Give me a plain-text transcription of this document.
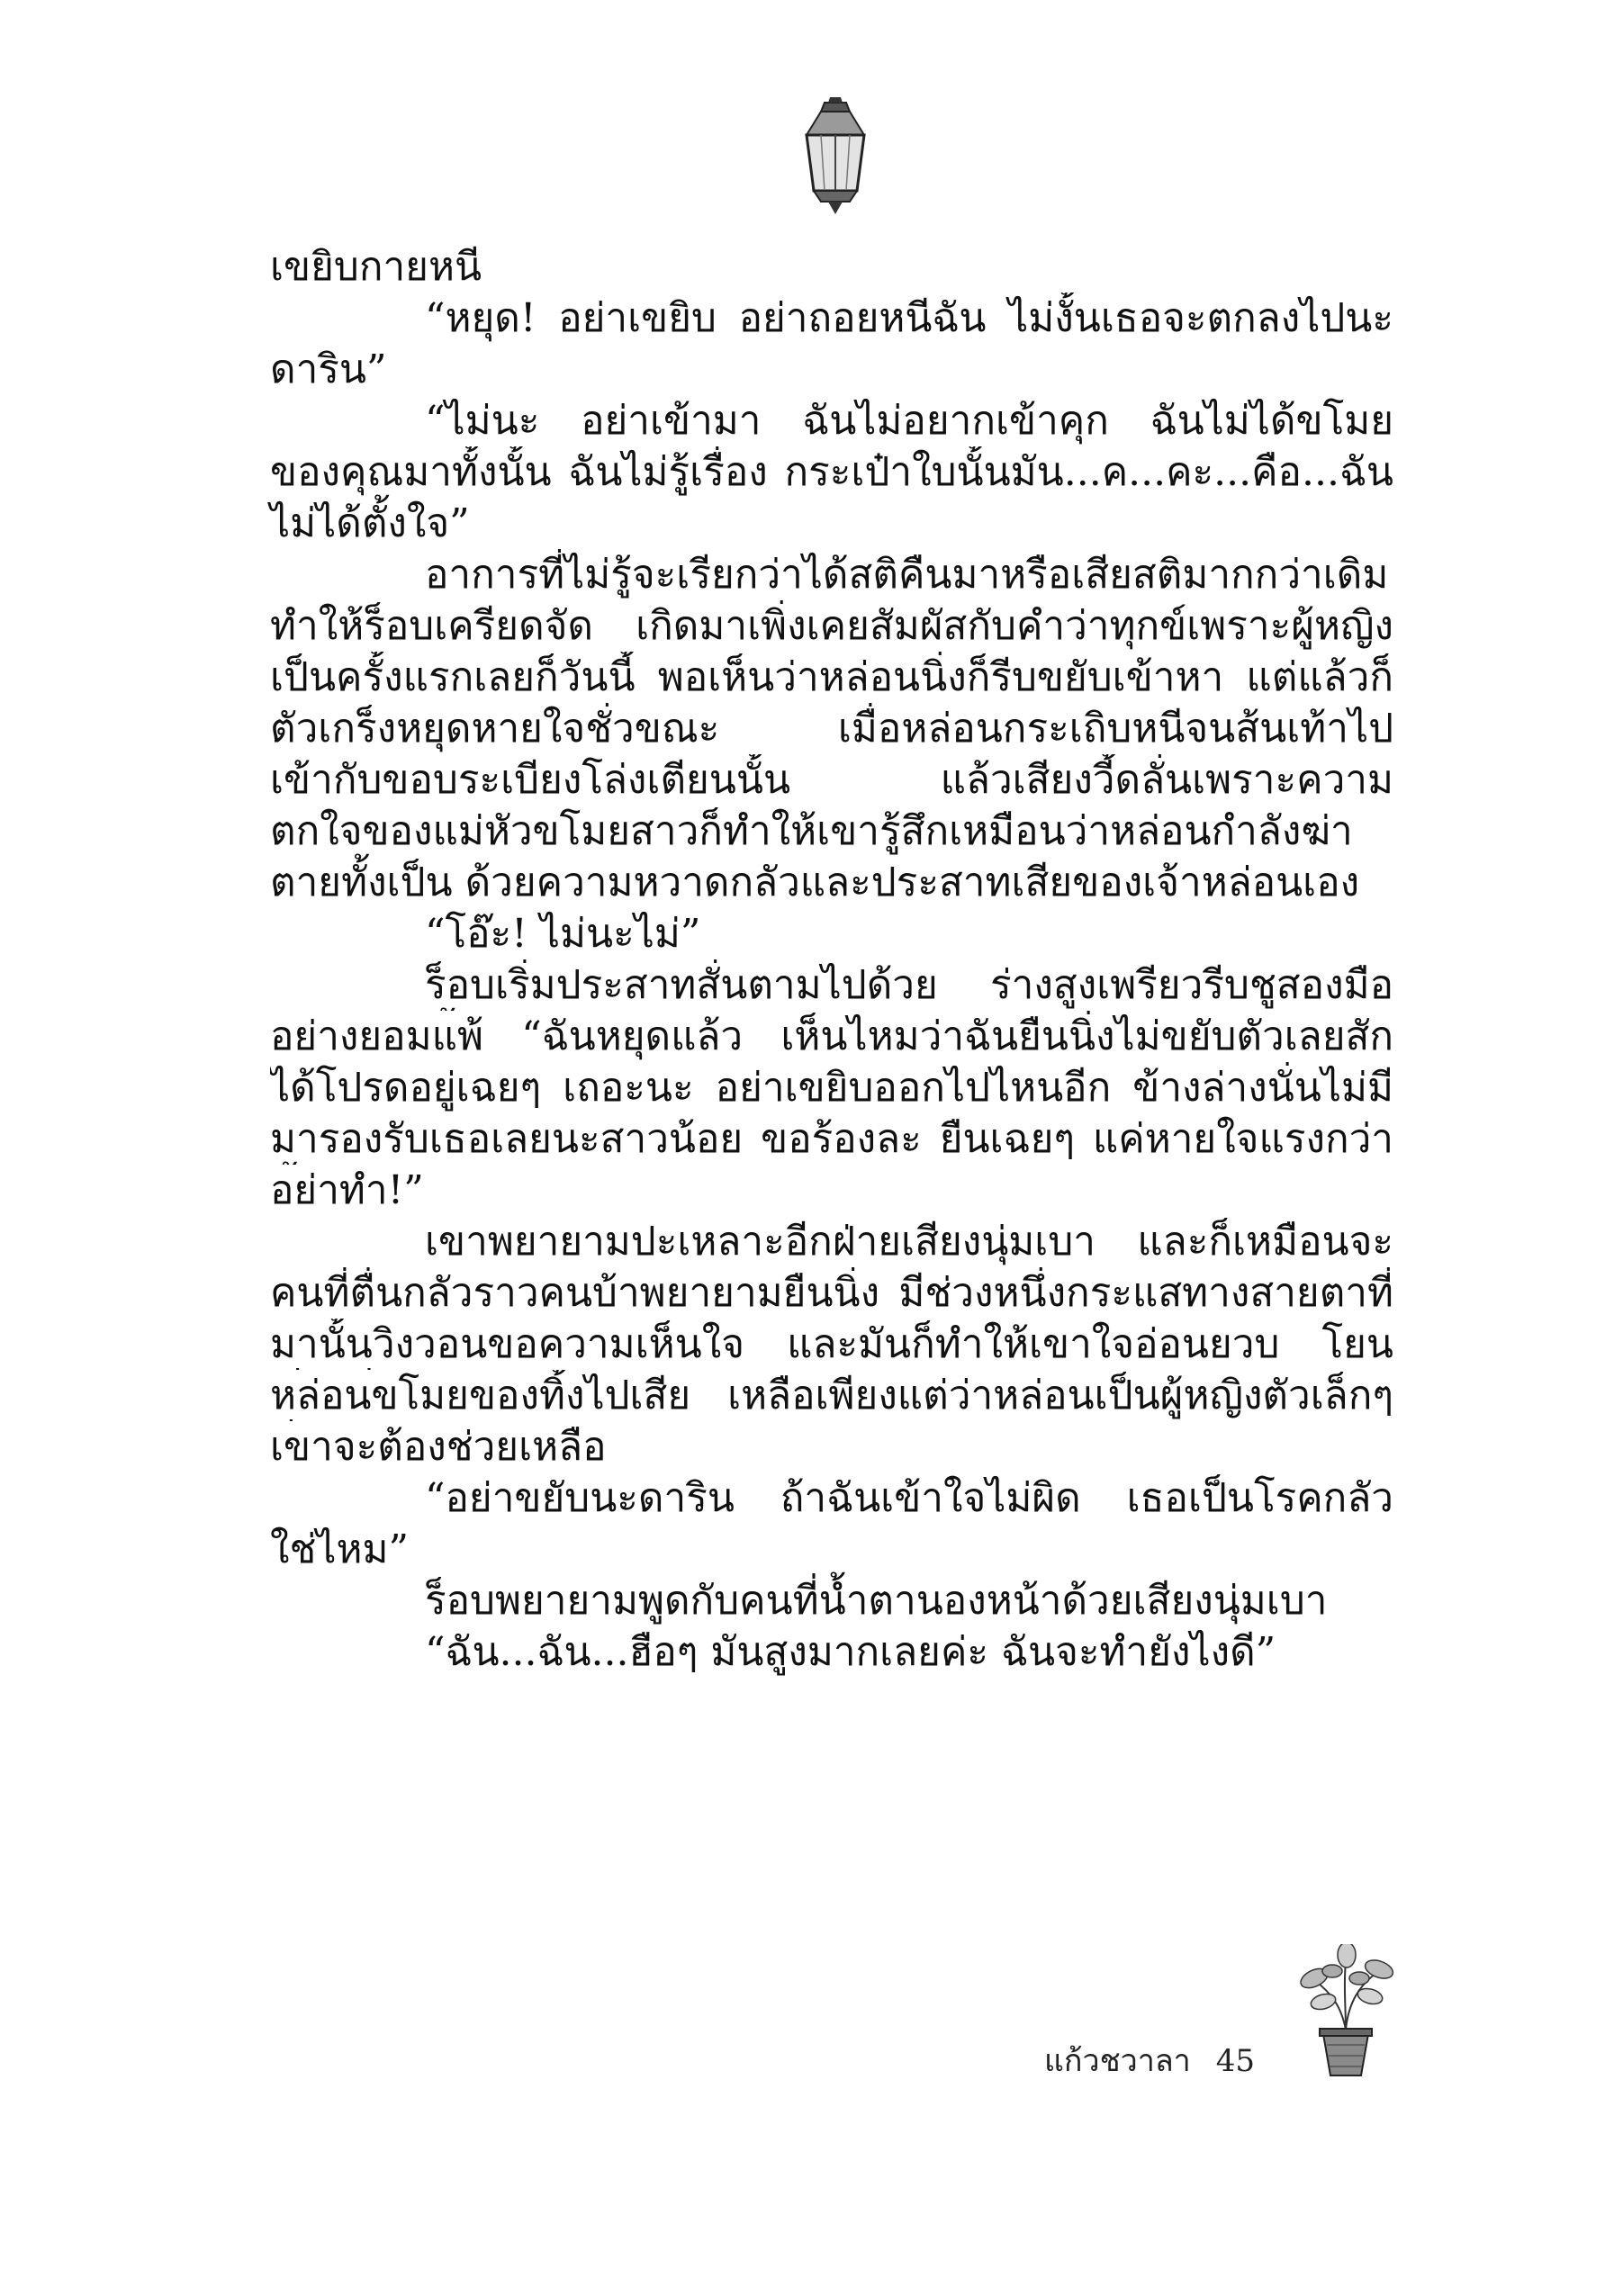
เขยิบกายหนี
“หยุด! อย่าเขยิบ อย่าถอยหนีฉัน ไม่งั้นเธอจะตกลงไปนะ
ดาริน”
“ไม่นะ อย่าเข้ามา ฉันไม่อยากเข้าคุก ฉันไม่ได้ขโมย
ของคุณมาทั้งนั้น ฉันไม่รู้เรื่อง กระเป๋าใบนั้นมัน...ค...คะ...คือ...ฉัน
ไม่ได้ตั้งใจ”
อาการที่ไม่รู้จะเรียกว่าได้สติคืนมาหรือเสียสติมากกว่าเดิม
ทำให้ร็อบเครียดจัด เกิดมาเพิ่งเคยสัมผัสกับคำว่าทุกข์เพราะผู้หญิง
เป็นครั้งแรกเลยก็วันนี้ พอเห็นว่าหล่อนนิ่งก็รีบขยับเข้าหา แต่แล้วก็
ตัวเกร็งหยุดหายใจชั่วขณะ เมื่อหล่อนกระเถิบหนีจนส้นเท้าไป
เข้ากับขอบระเบียงโล่งเตียนนั้น แล้วเสียงวี้ดลั่นเพราะความ
ตกใจของแม่หัวขโมยสาวก็ทำให้เขารู้สึกเหมือนว่าหล่อนกำลังฆ่า
ตายทั้งเป็น ด้วยความหวาดกลัวและประสาทเสียของเจ้าหล่อนเอง
“โอ๊ะ! ไม่นะไม่”
ร็อบเริ่มประสาทสั่นตามไปด้วย ร่างสูงเพรียวรีบชูสองมือ
อย่างยอมแพ้ “ฉันหยุดแล้ว เห็นไหมว่าฉันยืนนิ่งไม่ขยับตัวเลยสัก
ได้โปรดอยู่เฉยๆ เถอะนะ อย่าเขยิบออกไปไหนอีก ข้างล่างนั่นไม่มี
มารองรับเธอเลยนะสาวน้อย ขอร้องละ ยืนเฉยๆ แค่หายใจแรงกว่า
อย่าทำ!”
เขาพยายามปะเหลาะอีกฝ่ายเสียงนุ่มเบา และก็เหมือนจะ
คนที่ตื่นกลัวราวคนบ้าพยายามยืนนิ่ง มีช่วงหนึ่งกระแสทางสายตาที่
มานั้นวิงวอนขอความเห็นใจ และมันก็ทำให้เขาใจอ่อนยวบ โยน
หล่อนขโมยของทิ้งไปเสีย เหลือเพียงแต่ว่าหล่อนเป็นผู้หญิงตัวเล็กๆ
เขาจะต้องช่วยเหลือ
“อย่าขยับนะดาริน ถ้าฉันเข้าใจไม่ผิด เธอเป็นโรคกลัว
ใช่ไหม”
ร็อบพยายามพูดกับคนที่น้ำตานองหน้าด้วยเสียงนุ่มเบา
“ฉัน...ฉัน...ฮือๆ มันสูงมากเลยค่ะ ฉันจะทำยังไงดี”
แก้วชวาลา 45
